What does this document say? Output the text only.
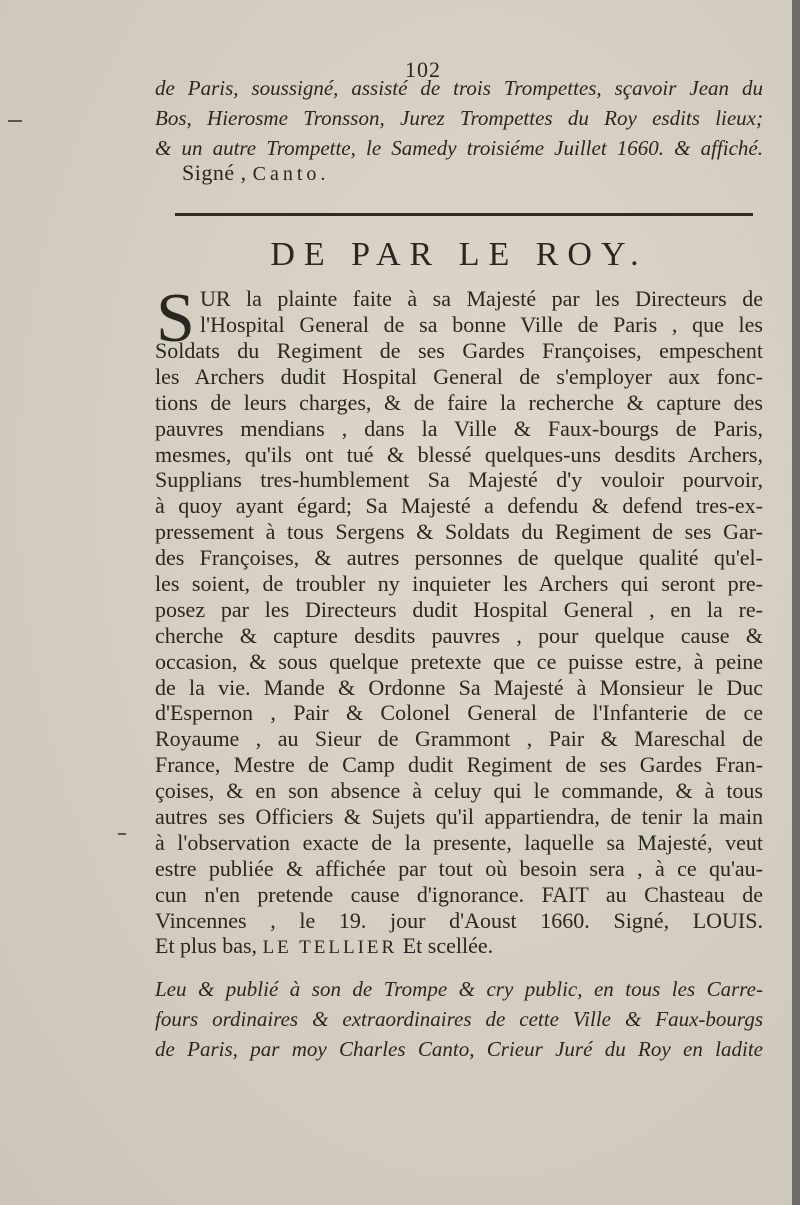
102
de Paris, soussigné, assisté de trois Trompettes, sçavoir Jean du
Bos, Hierosme Tronsson, Jurez Trompettes du Roy esdits lieux;
& un autre Trompette, le Samedy troisiéme Juillet 1660. & affiché.
Signé , Canto.
DE PAR LE ROY.
S UR la plainte faite à sa Majesté par les Directeurs de
l'Hospital General de sa bonne Ville de Paris , que les
Soldats du Regiment de ses Gardes Françoises, empeschent
les Archers dudit Hospital General de s'employer aux fonc-
tions de leurs charges, & de faire la recherche & capture des
pauvres mendians , dans la Ville & Faux-bourgs de Paris,
mesmes, qu'ils ont tué & blessé quelques-uns desdits Archers,
Supplians tres-humblement Sa Majesté d'y vouloir pourvoir,
à quoy ayant égard; Sa Majesté a defendu & defend tres-ex-
pressement à tous Sergens & Soldats du Regiment de ses Gar-
des Françoises, & autres personnes de quelque qualité qu'el-
les soient, de troubler ny inquieter les Archers qui seront pre-
posez par les Directeurs dudit Hospital General , en la re-
cherche & capture desdits pauvres , pour quelque cause &
occasion, & sous quelque pretexte que ce puisse estre, à peine
de la vie. Mande & Ordonne Sa Majesté à Monsieur le Duc
d'Espernon , Pair & Colonel General de l'Infanterie de ce
Royaume , au Sieur de Grammont , Pair & Mareschal de
France, Mestre de Camp dudit Regiment de ses Gardes Fran-
çoises, & en son absence à celuy qui le commande, & à tous
autres ses Officiers & Sujets qu'il appartiendra, de tenir la main
à l'observation exacte de la presente, laquelle sa Majesté, veut
estre publiée & affichée par tout où besoin sera , à ce qu'au-
cun n'en pretende cause d'ignorance. FAIT au Chasteau de
Vincennes , le 19. jour d'Aoust 1660. Signé, LOUIS.
Et plus bas, LE TELLIER Et scellée.
Leu & publié à son de Trompe & cry public, en tous les Carre-
fours ordinaires & extraordinaires de cette Ville & Faux-bourgs
de Paris, par moy Charles Canto, Crieur Juré du Roy en ladite
